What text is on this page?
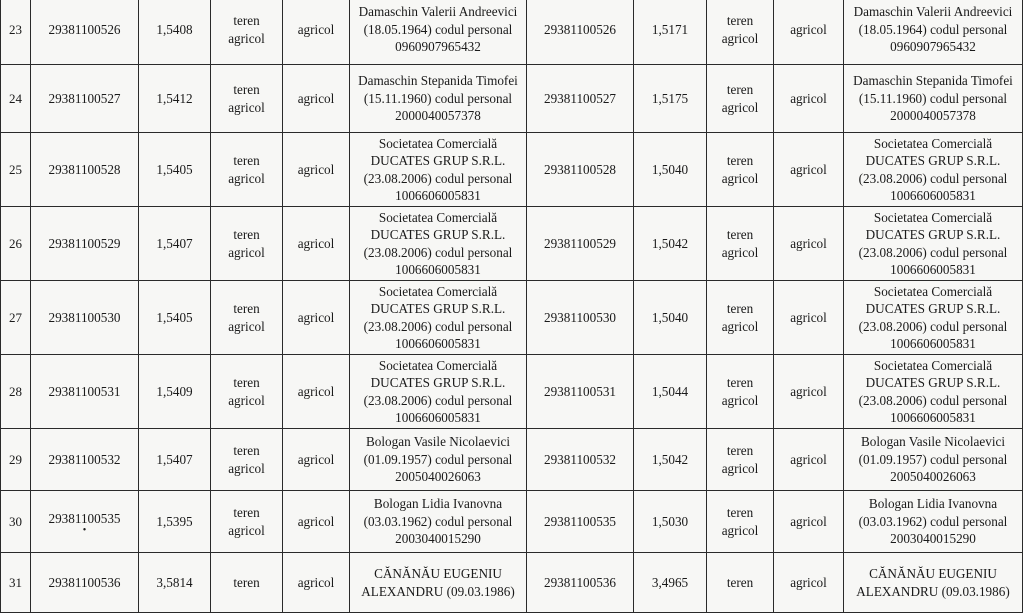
23	29381100526	1,5408	teren
agricol	agricol	Damaschin Valerii Andreevici
(18.05.1964) codul personal
0960907965432	29381100526	1,5171	teren
agricol	agricol	Damaschin Valerii Andreevici
(18.05.1964) codul personal
0960907965432

24	29381100527	1,5412	teren
agricol	agricol	Damaschin Stepanida Timofei
(15.11.1960) codul personal
2000040057378	29381100527	1,5175	teren
agricol	agricol	Damaschin Stepanida Timofei
(15.11.1960) codul personal
2000040057378

25	29381100528	1,5405	teren
agricol	agricol	Societatea Comercială
DUCATES GRUP S.R.L.
(23.08.2006) codul personal
1006606005831	29381100528	1,5040	teren
agricol	agricol	Societatea Comercială
DUCATES GRUP S.R.L.
(23.08.2006) codul personal
1006606005831

26	29381100529	1,5407	teren
agricol	agricol	Societatea Comercială
DUCATES GRUP S.R.L.
(23.08.2006) codul personal
1006606005831	29381100529	1,5042	teren
agricol	agricol	Societatea Comercială
DUCATES GRUP S.R.L.
(23.08.2006) codul personal
1006606005831

27	29381100530	1,5405	teren
agricol	agricol	Societatea Comercială
DUCATES GRUP S.R.L.
(23.08.2006) codul personal
1006606005831	29381100530	1,5040	teren
agricol	agricol	Societatea Comercială
DUCATES GRUP S.R.L.
(23.08.2006) codul personal
1006606005831

28	29381100531	1,5409	teren
agricol	agricol	Societatea Comercială
DUCATES GRUP S.R.L.
(23.08.2006) codul personal
1006606005831	29381100531	1,5044	teren
agricol	agricol	Societatea Comercială
DUCATES GRUP S.R.L.
(23.08.2006) codul personal
1006606005831

29	29381100532	1,5407	teren
agricol	agricol	Bologan Vasile Nicolaevici
(01.09.1957) codul personal
2005040026063	29381100532	1,5042	teren
agricol	agricol	Bologan Vasile Nicolaevici
(01.09.1957) codul personal
2005040026063

30	29381100535
•	1,5395	teren
agricol	agricol	Bologan Lidia Ivanovna
(03.03.1962) codul personal
2003040015290	29381100535	1,5030	teren
agricol	agricol	Bologan Lidia Ivanovna
(03.03.1962) codul personal
2003040015290

31	29381100536	3,5814	teren	agricol	CĂNĂNĂU EUGENIU
ALEXANDRU (09.03.1986)	29381100536	3,4965	teren	agricol	CĂNĂNĂU EUGENIU
ALEXANDRU (09.03.1986)
